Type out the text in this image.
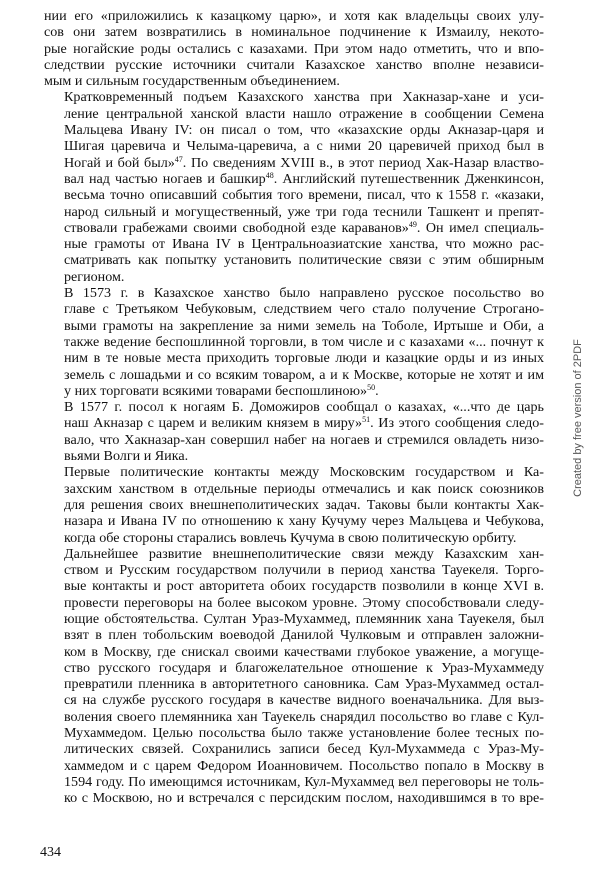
нии его «приложились к казацкому царю», и хотя как владельцы своих улу-
сов они затем возвратились в номинальное подчинение к Измаилу, некото-
рые ногайские роды остались с казахами. При этом надо отметить, что и впо-
следствии русские источники считали Казахское ханство вполне независи-
мым и сильным государственным объединением.

Кратковременный подъем Казахского ханства при Хакназар-хане и уси-
ление центральной ханской власти нашло отражение в сообщении Семена
Мальцева Ивану IV: он писал о том, что «казахские орды Акназар-царя и
Шигая царевича и Челыма-царевича, а с ними 20 царевичей приход был в
Ногай и бой был»$^{47}$. По сведениям XVIII в., в этот период Хак-Назар властво-
вал над частью ногаев и башкир$^{48}$. Английский путешественник Дженкинсон,
весьма точно описавший события того времени, писал, что к 1558 г. «казаки,
народ сильный и могущественный, уже три года теснили Ташкент и препят-
ствовали грабежами своими свободной езде караванов»$^{49}$. Он имел специаль-
ные грамоты от Ивана IV в Центральноазиатские ханства, что можно рас-
сматривать как попытку установить политические связи с этим обширным
регионом.

В 1573 г. в Казахское ханство было направлено русское посольство во
главе с Третьяком Чебуковым, следствием чего стало получение Строгано-
выми грамоты на закрепление за ними земель на Тоболе, Иртыше и Оби, а
также ведение беспошлинной торговли, в том числе и с казахами «... почнут к
ним в те новые места приходить торговые люди и казацкие орды и из иных
земель с лошадьми и со всяким товаром, а и к Москве, которые не хотят и им
у них торговати всякими товарами беспошлиною»$^{50}$.

В 1577 г. посол к ногаям Б. Доможиров сообщал о казахах, «...что де царь
наш Акназар с царем и великим князем в миру»$^{51}$. Из этого сообщения следо-
вало, что Хакназар-хан совершил набег на ногаев и стремился овладеть низо-
вьями Волги и Яика.

Первые политические контакты между Московским государством и Ка-
захским ханством в отдельные периоды отмечались и как поиск союзников
для решения своих внешнеполитических задач. Таковы были контакты Хак-
назара и Ивана IV по отношению к хану Кучуму через Мальцева и Чебукова,
когда обе стороны старались вовлечь Кучума в свою политическую орбиту.

Дальнейшее развитие внешнеполитические связи между Казахским хан-
ством и Русским государством получили в период ханства Тауекеля. Торго-
вые контакты и рост авторитета обоих государств позволили в конце XVI в.
провести переговоры на более высоком уровне. Этому способствовали следу-
ющие обстоятельства. Султан Ураз-Мухаммед, племянник хана Тауекеля, был
взят в плен тобольским воеводой Данилой Чулковым и отправлен заложни-
ком в Москву, где снискал своими качествами глубокое уважение, а могуще-
ство русского государя и благожелательное отношение к Ураз-Мухаммеду
превратили пленника в авторитетного сановника. Сам Ураз-Мухаммед остал-
ся на службе русского государя в качестве видного военачальника. Для выз-
воления своего племянника хан Тауекель снарядил посольство во главе с Кул-
Мухаммедом. Целью посольства было также установление более тесных по-
литических связей. Сохранились записи бесед Кул-Мухаммеда с Ураз-Му-
хаммедом и с царем Федором Иоанновичем. Посольство попало в Москву в
1594 году. По имеющимся источникам, Кул-Мухаммед вел переговоры не толь-
ко с Москвою, но и встречался с персидским послом, находившимся в то вре-

434
Created by free version of 2PDF
